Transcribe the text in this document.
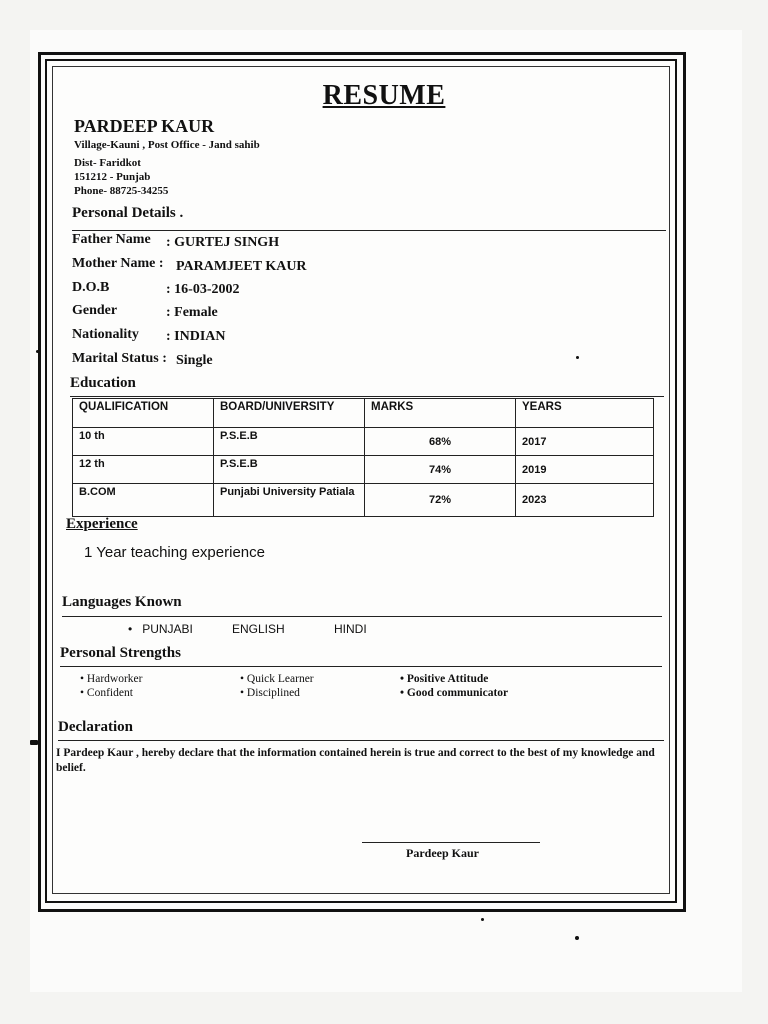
RESUME
PARDEEP KAUR
Village-Kauni , Post Office - Jand sahib
Dist- Faridkot
151212 - Punjab
Phone- 88725-34255
Personal Details .
Father Name : GURTEJ SINGH
Mother Name : PARAMJEET KAUR
D.O.B	: 16-03-2002
Gender	: Female
Nationality : INDIAN
Marital Status : Single
Education
QUALIFICATION	BOARD/UNIVERSITY	MARKS	YEARS
10 th	P.S.E.B	68%	2017
12 th	P.S.E.B	74%	2019
B.COM	Punjabi University Patiala	72%	2023
Experience
1 Year teaching experience
Languages Known
•   PUNJABI	ENGLISH	HINDI
Personal Strengths
• Hardworker
• Confident
• Quick Learner
• Disciplined
• Positive Attitude
• Good communicator
Declaration
I Pardeep Kaur , hereby declare that the information contained herein is true and correct to the best of my knowledge and belief.
Pardeep Kaur
